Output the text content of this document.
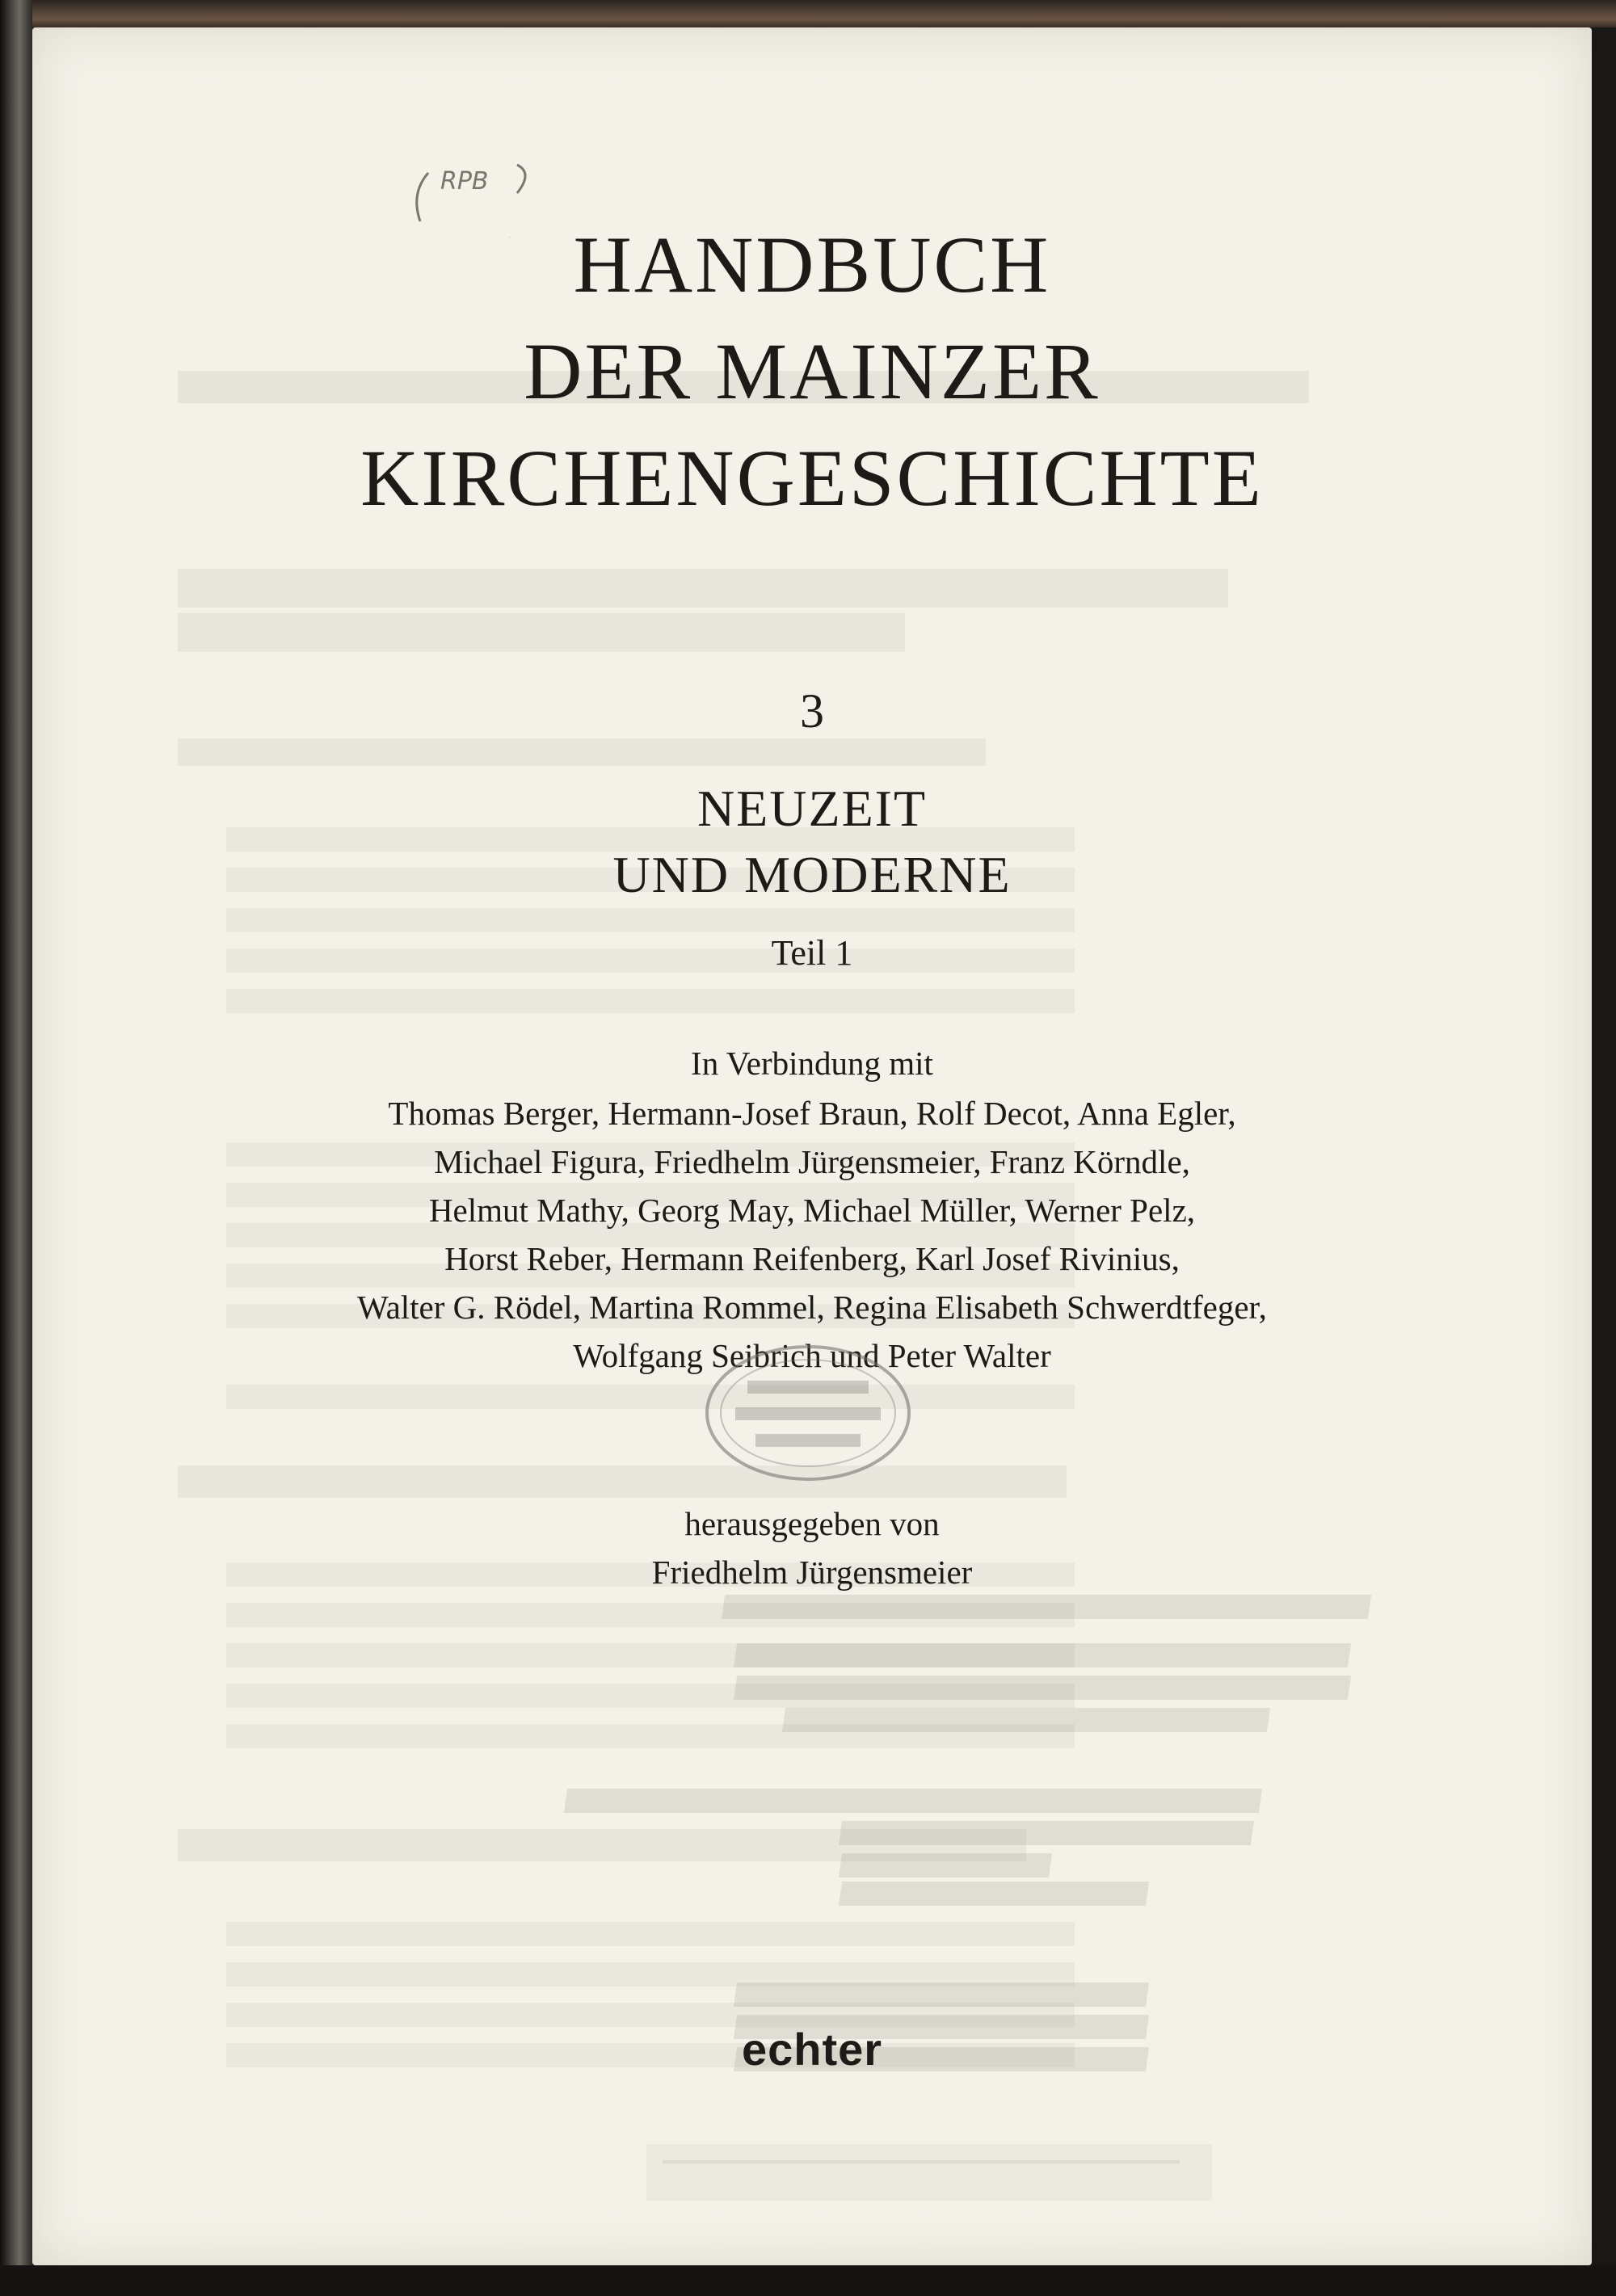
RPB
HANDBUCH
DER MAINZER
KIRCHENGESCHICHTE
3
NEUZEIT
UND MODERNE
Teil 1
In Verbindung mit
Thomas Berger, Hermann-Josef Braun, Rolf Decot, Anna Egler,
Michael Figura, Friedhelm Jürgensmeier, Franz Körndle,
Helmut Mathy, Georg May, Michael Müller, Werner Pelz,
Horst Reber, Hermann Reifenberg, Karl Josef Rivinius,
Walter G. Rödel, Martina Rommel, Regina Elisabeth Schwerdtfeger,
Wolfgang Seibrich und Peter Walter
herausgegeben von
Friedhelm Jürgensmeier
echter
